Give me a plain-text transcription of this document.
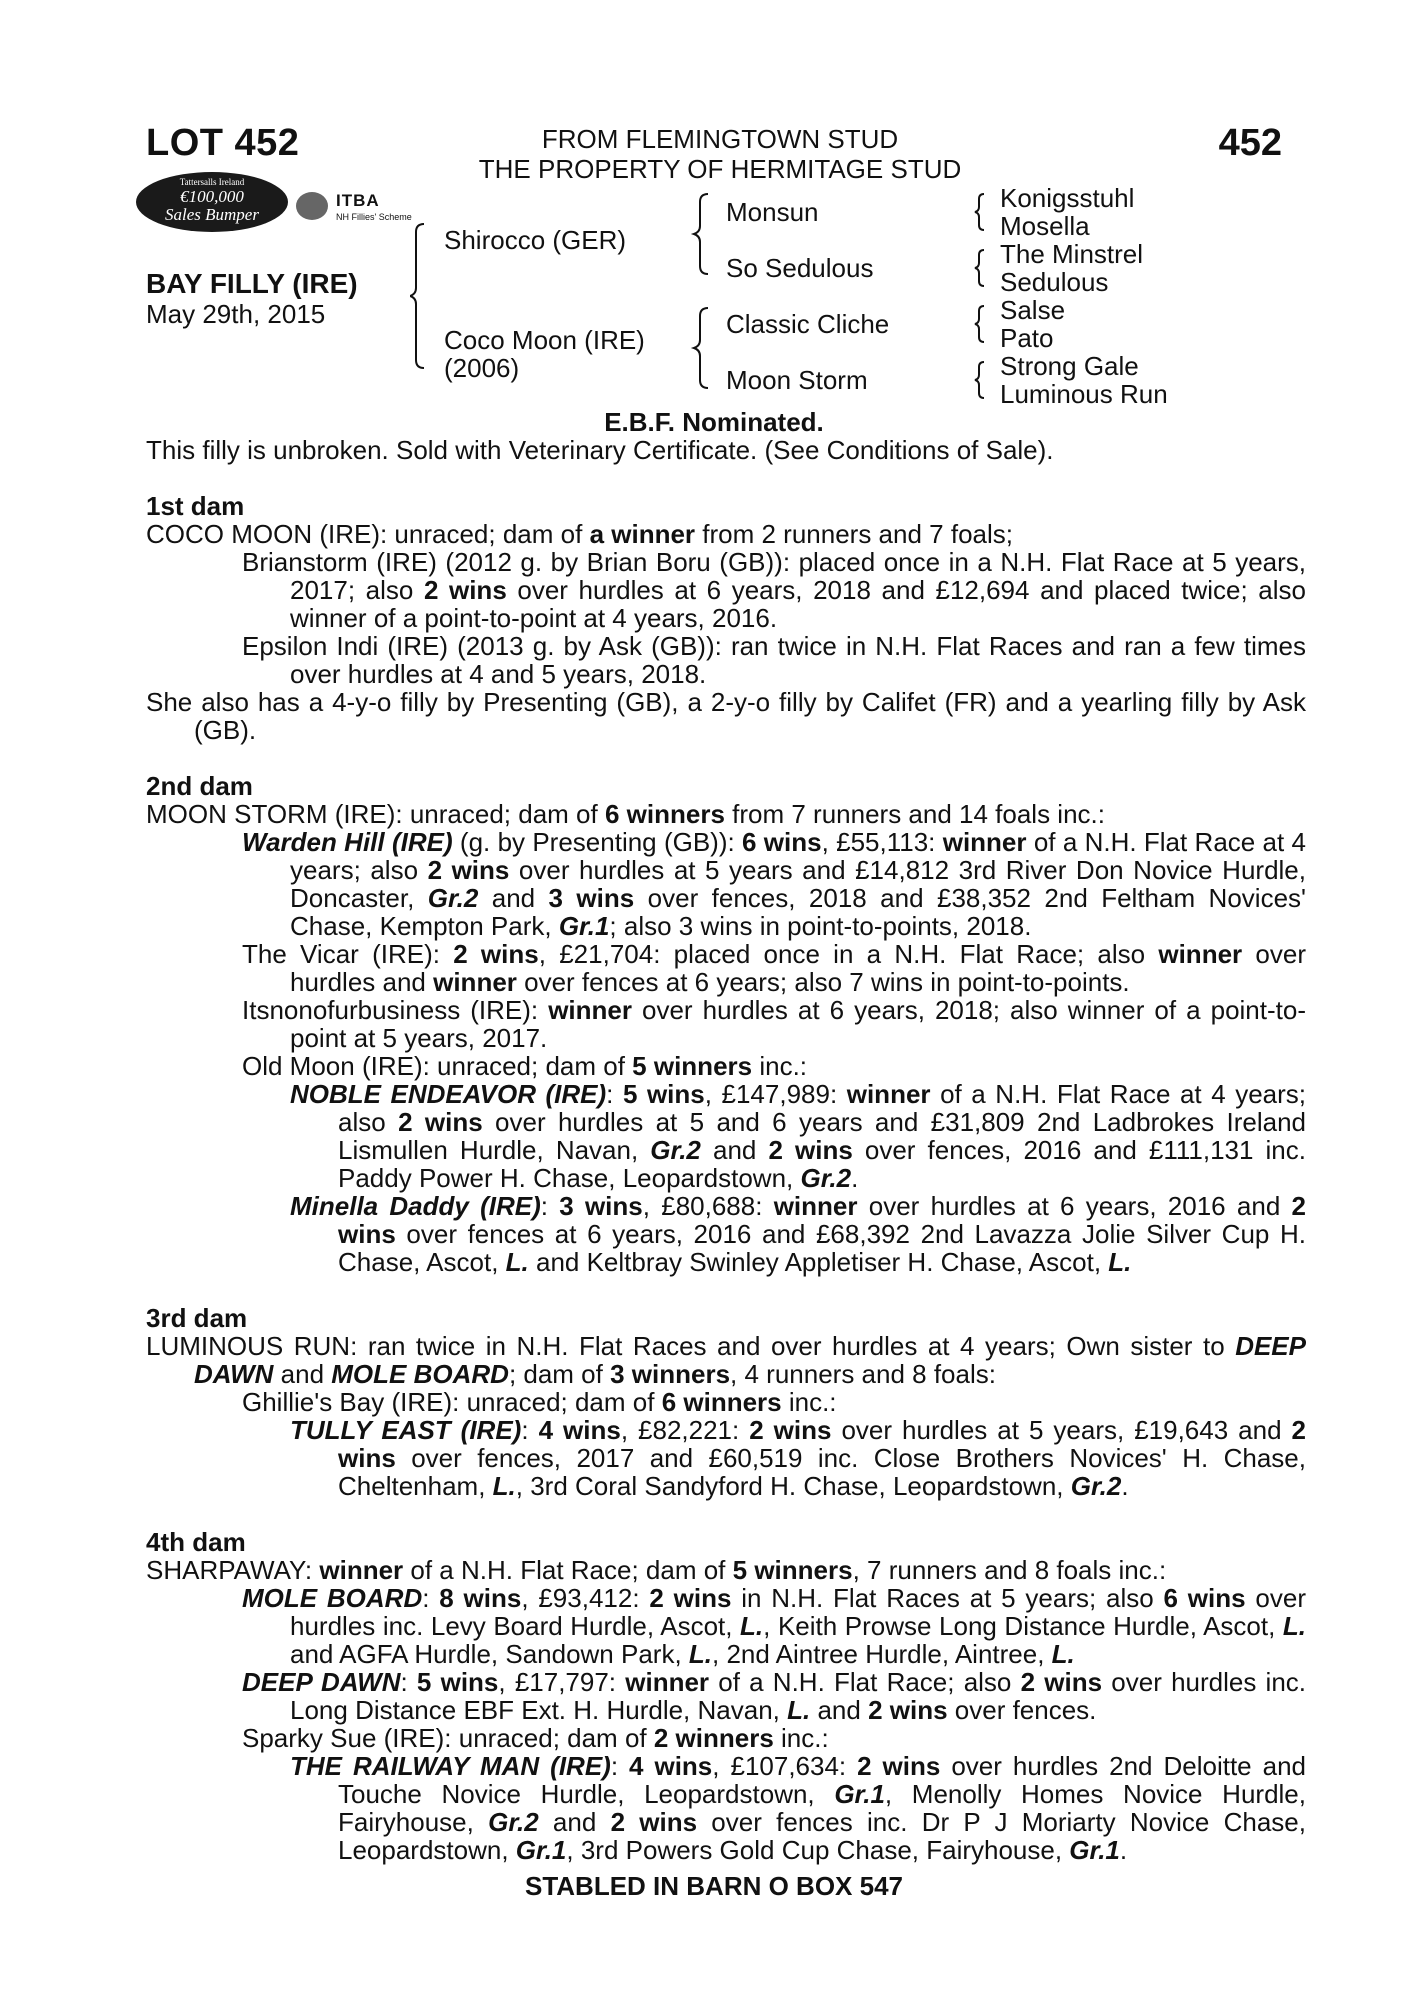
LOT 452	452
FROM FLEMINGTOWN STUD
THE PROPERTY OF HERMITAGE STUD
Tattersalls Ireland
€100,000
Sales Bumper
ITBA
NH Fillies' Scheme
BAY FILLY (IRE)
May 29th, 2015
Shirocco (GER)
Coco Moon (IRE)
(2006)
Monsun
So Sedulous
Classic Cliche
Moon Storm
Konigsstuhl
Mosella
The Minstrel
Sedulous
Salse
Pato
Strong Gale
Luminous Run
E.B.F. Nominated.
This filly is unbroken. Sold with Veterinary Certificate. (See Conditions of Sale).

1st dam

COCO MOON (IRE): unraced; dam of a winner from 2 runners and 7 foals;

Brianstorm (IRE) (2012 g. by Brian Boru (GB)): placed once in a N.H. Flat Race at 5 years, 2017; also 2 wins over hurdles at 6 years, 2018 and £12,694 and placed twice; also winner of a point-to-point at 4 years, 2016.

Epsilon Indi (IRE) (2013 g. by Ask (GB)): ran twice in N.H. Flat Races and ran a few times over hurdles at 4 and 5 years, 2018.

She also has a 4-y-o filly by Presenting (GB), a 2-y-o filly by Califet (FR) and a yearling filly by Ask (GB).

2nd dam

MOON STORM (IRE): unraced; dam of 6 winners from 7 runners and 14 foals inc.:

Warden Hill (IRE) (g. by Presenting (GB)): 6 wins, £55,113: winner of a N.H. Flat Race at 4 years; also 2 wins over hurdles at 5 years and £14,812 3rd River Don Novice Hurdle, Doncaster, Gr.2 and 3 wins over fences, 2018 and £38,352 2nd Feltham Novices' Chase, Kempton Park, Gr.1; also 3 wins in point-to-points, 2018.

The Vicar (IRE): 2 wins, £21,704: placed once in a N.H. Flat Race; also winner over hurdles and winner over fences at 6 years; also 7 wins in point-to-points.

Itsnonofurbusiness (IRE): winner over hurdles at 6 years, 2018; also winner of a point-to-point at 5 years, 2017.

Old Moon (IRE): unraced; dam of 5 winners inc.:

NOBLE ENDEAVOR (IRE): 5 wins, £147,989: winner of a N.H. Flat Race at 4 years; also 2 wins over hurdles at 5 and 6 years and £31,809 2nd Ladbrokes Ireland Lismullen Hurdle, Navan, Gr.2 and 2 wins over fences, 2016 and £111,131 inc. Paddy Power H. Chase, Leopardstown, Gr.2.

Minella Daddy (IRE): 3 wins, £80,688: winner over hurdles at 6 years, 2016 and 2 wins over fences at 6 years, 2016 and £68,392 2nd Lavazza Jolie Silver Cup H. Chase, Ascot, L. and Keltbray Swinley Appletiser H. Chase, Ascot, L.

3rd dam

LUMINOUS RUN: ran twice in N.H. Flat Races and over hurdles at 4 years; Own sister to DEEP DAWN and MOLE BOARD; dam of 3 winners, 4 runners and 8 foals:

Ghillie's Bay (IRE): unraced; dam of 6 winners inc.:

TULLY EAST (IRE): 4 wins, £82,221: 2 wins over hurdles at 5 years, £19,643 and 2 wins over fences, 2017 and £60,519 inc. Close Brothers Novices' H. Chase, Cheltenham, L., 3rd Coral Sandyford H. Chase, Leopardstown, Gr.2.

4th dam

SHARPAWAY: winner of a N.H. Flat Race; dam of 5 winners, 7 runners and 8 foals inc.:

MOLE BOARD: 8 wins, £93,412: 2 wins in N.H. Flat Races at 5 years; also 6 wins over hurdles inc. Levy Board Hurdle, Ascot, L., Keith Prowse Long Distance Hurdle, Ascot, L. and AGFA Hurdle, Sandown Park, L., 2nd Aintree Hurdle, Aintree, L.

DEEP DAWN: 5 wins, £17,797: winner of a N.H. Flat Race; also 2 wins over hurdles inc. Long Distance EBF Ext. H. Hurdle, Navan, L. and 2 wins over fences.

Sparky Sue (IRE): unraced; dam of 2 winners inc.:

THE RAILWAY MAN (IRE): 4 wins, £107,634: 2 wins over hurdles 2nd Deloitte and Touche Novice Hurdle, Leopardstown, Gr.1, Menolly Homes Novice Hurdle, Fairyhouse, Gr.2 and 2 wins over fences inc. Dr P J Moriarty Novice Chase, Leopardstown, Gr.1, 3rd Powers Gold Cup Chase, Fairyhouse, Gr.1.

STABLED IN BARN O BOX 547
